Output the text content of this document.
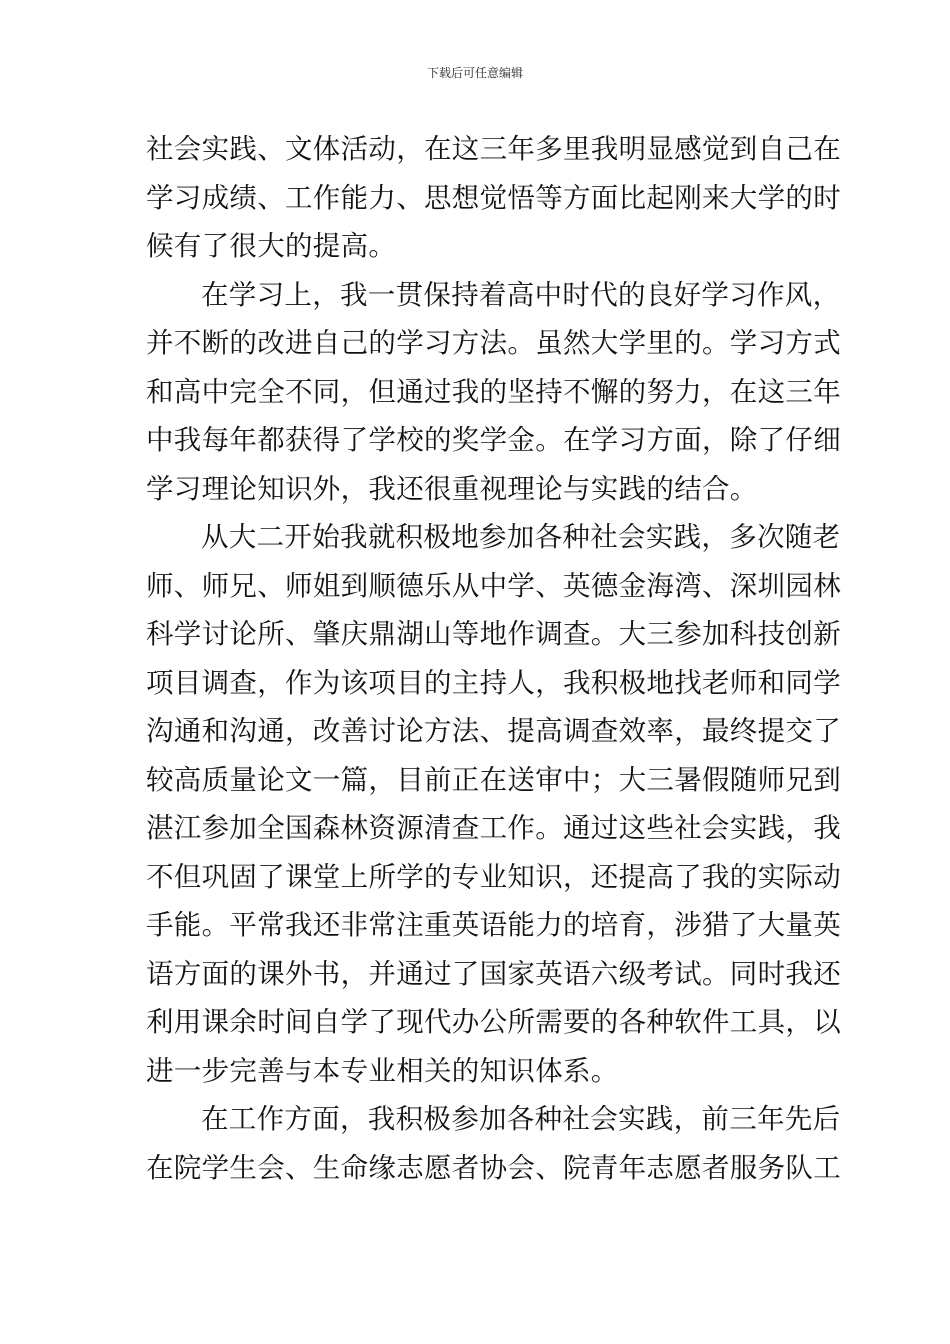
下载后可任意编辑
社会实践、文体活动，在这三年多里我明显感觉到自己在
学习成绩、工作能力、思想觉悟等方面比起刚来大学的时
候有了很大的提高。
在学习上，我一贯保持着高中时代的良好学习作风，
并不断的改进自己的学习方法。虽然大学里的。学习方式
和高中完全不同，但通过我的坚持不懈的努力，在这三年
中我每年都获得了学校的奖学金。在学习方面，除了仔细
学习理论知识外，我还很重视理论与实践的结合。
从大二开始我就积极地参加各种社会实践，多次随老
师、师兄、师姐到顺德乐从中学、英德金海湾、深圳园林
科学讨论所、肇庆鼎湖山等地作调查。大三参加科技创新
项目调查，作为该项目的主持人，我积极地找老师和同学
沟通和沟通，改善讨论方法、提高调查效率，最终提交了
较高质量论文一篇，目前正在送审中；大三暑假随师兄到
湛江参加全国森林资源清查工作。通过这些社会实践，我
不但巩固了课堂上所学的专业知识，还提高了我的实际动
手能。平常我还非常注重英语能力的培育，涉猎了大量英
语方面的课外书，并通过了国家英语六级考试。同时我还
利用课余时间自学了现代办公所需要的各种软件工具，以
进一步完善与本专业相关的知识体系。
在工作方面，我积极参加各种社会实践，前三年先后
在院学生会、生命缘志愿者协会、院青年志愿者服务队工
